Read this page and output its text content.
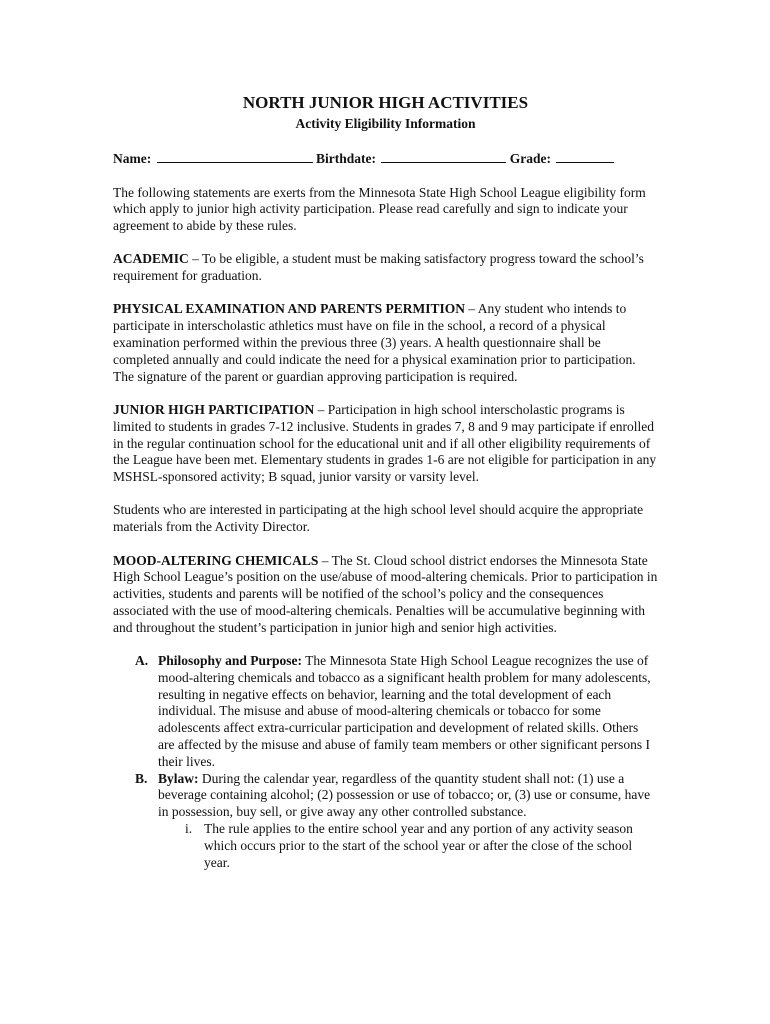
NORTH JUNIOR HIGH ACTIVITIES
Activity Eligibility Information
Name:	Birthdate:	Grade:

The following statements are exerts from the Minnesota State High School League eligibility form which apply to junior high activity participation. Please read carefully and sign to indicate your agreement to abide by these rules.

ACADEMIC – To be eligible, a student must be making satisfactory progress toward the school’s requirement for graduation.

PHYSICAL EXAMINATION AND PARENTS PERMITION – Any student who intends to participate in interscholastic athletics must have on file in the school, a record of a physical examination performed within the previous three (3) years. A health questionnaire shall be completed annually and could indicate the need for a physical examination prior to participation. The signature of the parent or guardian approving participation is required.

JUNIOR HIGH PARTICIPATION – Participation in high school interscholastic programs is limited to students in grades 7-12 inclusive. Students in grades 7, 8 and 9 may participate if enrolled in the regular continuation school for the educational unit and if all other eligibility requirements of the League have been met. Elementary students in grades 1-6 are not eligible for participation in any MSHSL-sponsored activity; B squad, junior varsity or varsity level.

Students who are interested in participating at the high school level should acquire the appropriate materials from the Activity Director.

MOOD-ALTERING CHEMICALS – The St. Cloud school district endorses the Minnesota State High School League’s position on the use/abuse of mood-altering chemicals. Prior to participation in activities, students and parents will be notified of the school’s policy and the consequences associated with the use of mood-altering chemicals. Penalties will be accumulative beginning with and throughout the student’s participation in junior high and senior high activities.

A. Philosophy and Purpose: The Minnesota State High School League recognizes the use of mood-altering chemicals and tobacco as a significant health problem for many adolescents, resulting in negative effects on behavior, learning and the total development of each individual. The misuse and abuse of mood-altering chemicals or tobacco for some adolescents affect extra-curricular participation and development of related skills. Others are affected by the misuse and abuse of family team members or other significant persons I their lives.
B. Bylaw: During the calendar year, regardless of the quantity student shall not: (1) use a beverage containing alcohol; (2) possession or use of tobacco; or, (3) use or consume, have in possession, buy sell, or give away any other controlled substance.
i. The rule applies to the entire school year and any portion of any activity season which occurs prior to the start of the school year or after the close of the school year.
